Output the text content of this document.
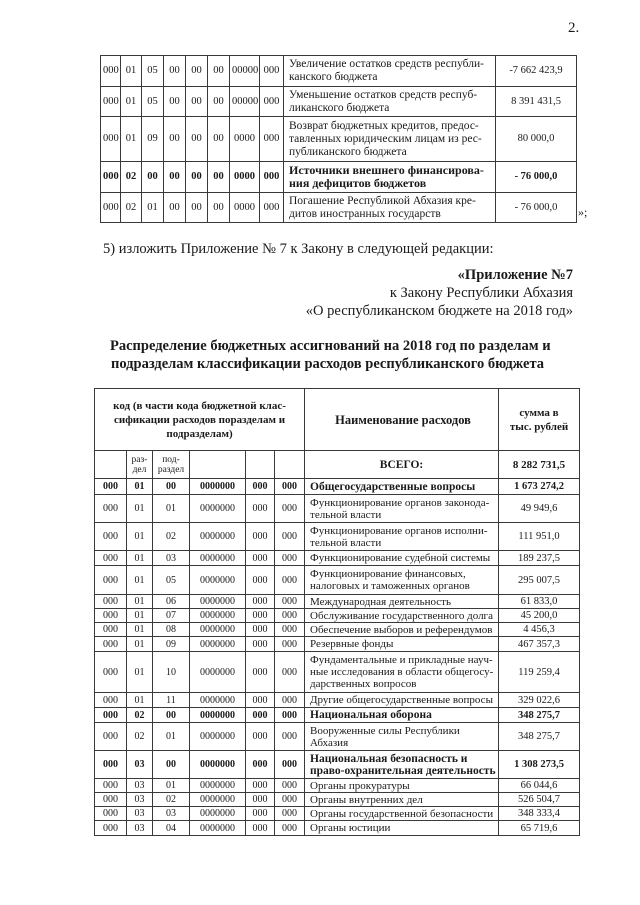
2.
000	01	05	00	00	00	00000	000	Увеличение остатков средств республи-канского бюджета	-7 662 423,9
000	01	05	00	00	00	00000	000	Уменьшение остатков средств респуб-ликанского бюджета	8 391 431,5
000	01	09	00	00	00	0000	000	Возврат бюджетных кредитов, предос-тавленных юридическим лицам из рес-публиканского бюджета	80 000,0
000	02	00	00	00	00	0000	000	Источники внешнего финансирова-ния дефицитов бюджетов	- 76 000,0
000	02	01	00	00	00	0000	000	Погашение Республикой Абхазия кре-дитов иностранных государств	- 76 000,0 »;
5) изложить Приложение № 7 к Закону в следующей редакции:
«Приложение №7
к Закону Республики Абхазия
«О республиканском бюджете на 2018 год»
Распределение бюджетных ассигнований на 2018 год по разделам и
подразделам классификации расходов республиканского бюджета
код (в части кода бюджетной клас-сификации расходов поразделам и подразделам)						Наименование расходов	сумма в тыс. рублей
	раз-дел	под-раздел				ВСЕГО:	8 282 731,5
000	01	00	0000000	000	000	Общегосударственные вопросы	1 673 274,2
000	01	01	0000000	000	000	Функционирование органов законода-тельной власти	49 949,6
000	01	02	0000000	000	000	Функционирование органов исполни-тельной власти	111 951,0
000	01	03	0000000	000	000	Функционирование судебной системы	189 237,5
000	01	05	0000000	000	000	Функционирование финансовых, налоговых и таможенных органов	295 007,5
000	01	06	0000000	000	000	Международная деятельность	61 833,0
000	01	07	0000000	000	000	Обслуживание государственного долга	45 200,0
000	01	08	0000000	000	000	Обеспечение выборов и референдумов	4 456,3
000	01	09	0000000	000	000	Резервные фонды	467 357,3
000	01	10	0000000	000	000	Фундаментальные и прикладные науч-ные исследования в области общегосу-дарственных вопросов	119 259,4
000	01	11	0000000	000	000	Другие общегосударственные вопросы	329 022,6
000	02	00	0000000	000	000	Национальная оборона	348 275,7
000	02	01	0000000	000	000	Вооруженные силы Республики Абхазия	348 275,7
000	03	00	0000000	000	000	Национальная безопасность и право-охранительная деятельность	1 308 273,5
000	03	01	0000000	000	000	Органы прокуратуры	66 044,6
000	03	02	0000000	000	000	Органы внутренних дел	526 504,7
000	03	03	0000000	000	000	Органы государственной безопасности	348 333,4
000	03	04	0000000	000	000	Органы юстиции	65 719,6
